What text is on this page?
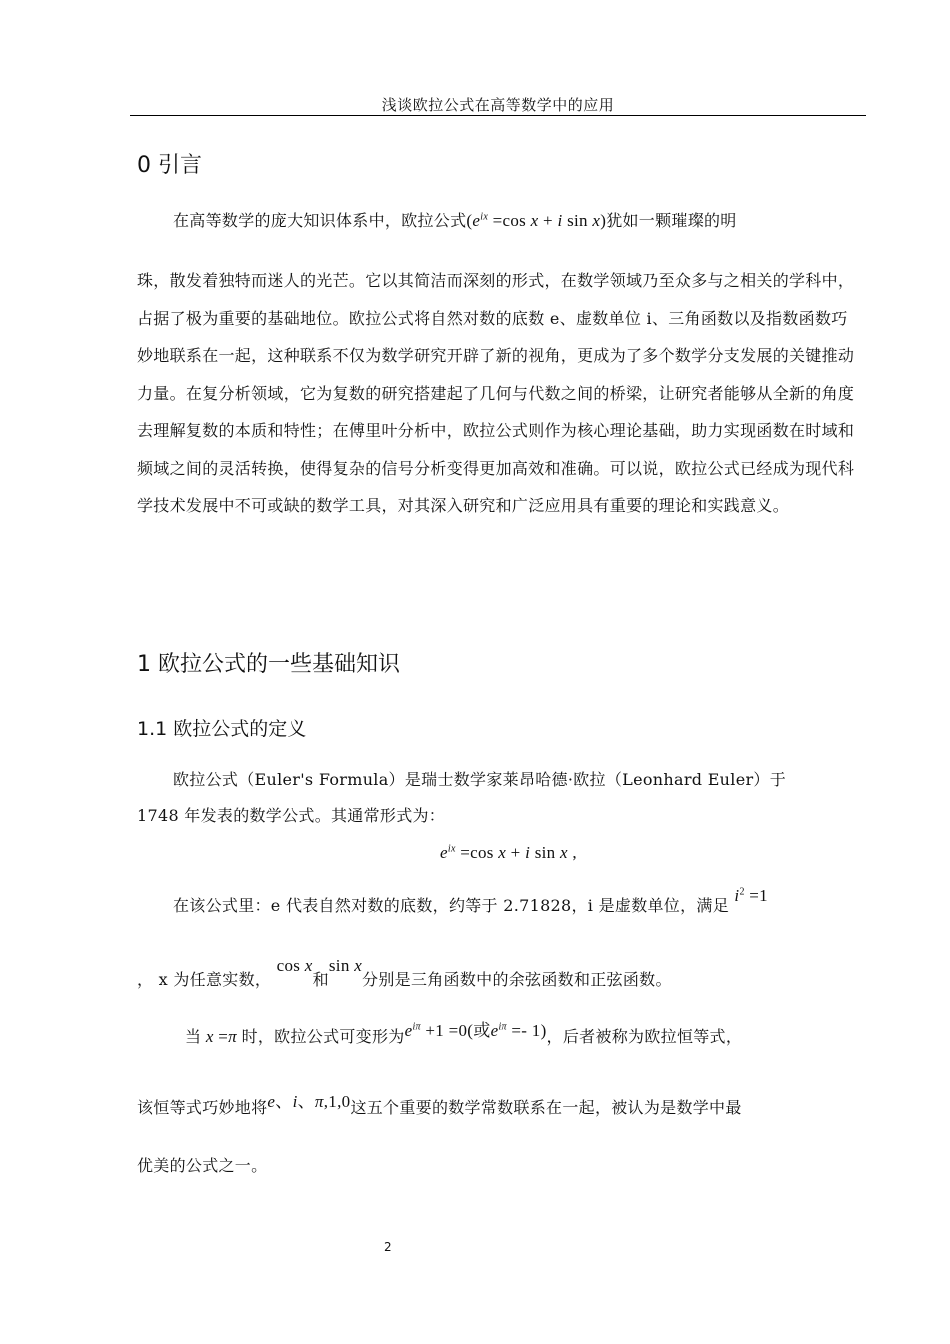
浅谈欧拉公式在高等数学中的应用
0 引言
在高等数学的庞大知识体系中，欧拉公式($e^{ix} =\cos$ x + i sin x)犹如一颗璀璨的明
珠，散发着独特而迷人的光芒。它以其简洁而深刻的形式，在数学领域乃至众多与之相关的学科中，占据了极为重要的基础地位。欧拉公式将自然对数的底数 e、虚数单位 i、三角函数以及指数函数巧妙地联系在一起，这种联系不仅为数学研究开辟了新的视角，更成为了多个数学分支发展的关键推动力量。在复分析领域，它为复数的研究搭建起了几何与代数之间的桥梁，让研究者能够从全新的角度去理解复数的本质和特性；在傅里叶分析中，欧拉公式则作为核心理论基础，助力实现函数在时域和频域之间的灵活转换，使得复杂的信号分析变得更加高效和准确。可以说，欧拉公式已经成为现代科学技术发展中不可或缺的数学工具，对其深入研究和广泛应用具有重要的理论和实践意义。
1 欧拉公式的一些基础知识
1.1 欧拉公式的定义
欧拉公式（Euler's Formula）是瑞士数学家莱昂哈德·欧拉（Leonhard Euler）于
1748 年发表的数学公式。其通常形式为：
$e^{ix} =\cos$ x + i sin x ,
在该公式里：e 代表自然对数的底数，约等于 2.71828，i 是虚数单位，满足 $i^2 =1$
， x 为任意实数， cos x和sin x分别是三角函数中的余弦函数和正弦函数。
当 x =π 时，欧拉公式可变形为$e^{i\pi} +1 =0$(或$e^{i\pi} =- 1$)，后者被称为欧拉恒等式，
该恒等式巧妙地将e、i、π,1,0这五个重要的数学常数联系在一起，被认为是数学中最
优美的公式之一。
2
